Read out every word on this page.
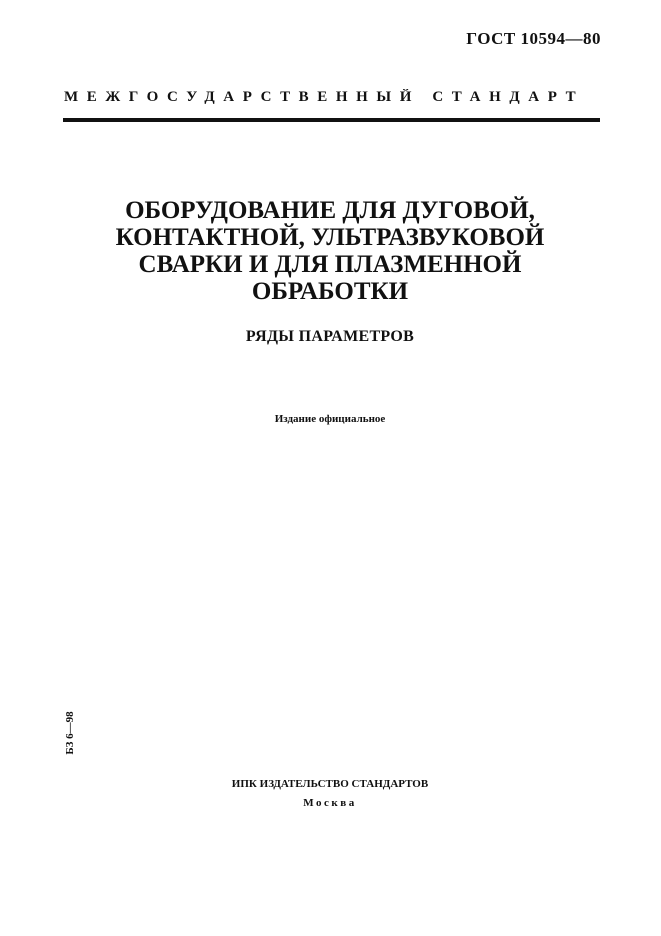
ГОСТ 10594—80
МЕЖГОСУДАРСТВЕННЫЙ СТАНДАРТ
ОБОРУДОВАНИЕ ДЛЯ ДУГОВОЙ,
КОНТАКТНОЙ, УЛЬТРАЗВУКОВОЙ
СВАРКИ И ДЛЯ ПЛАЗМЕННОЙ
ОБРАБОТКИ
РЯДЫ ПАРАМЕТРОВ
Издание официальное
БЗ 6—98
ИПК ИЗДАТЕЛЬСТВО СТАНДАРТОВ
Москва
